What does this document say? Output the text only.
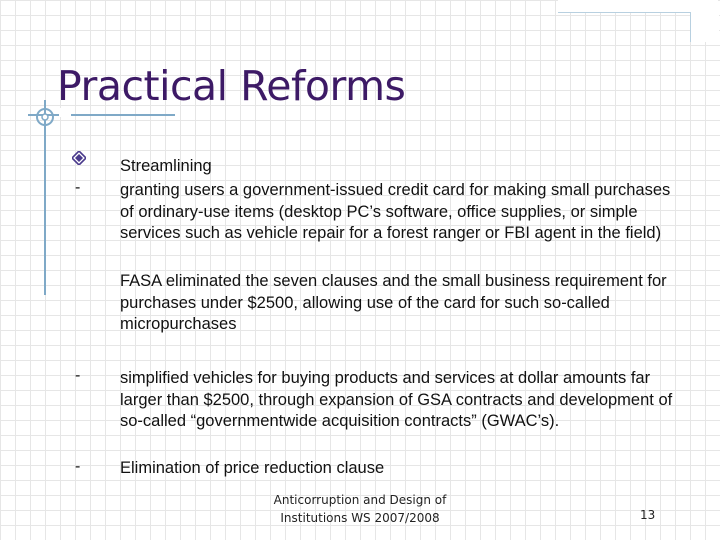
Practical Reforms
Streamlining
- granting users a government-issued credit card for making small purchases of ordinary-use items (desktop PC’s software, office supplies, or simple services such as vehicle repair for a forest ranger or FBI agent in the field)
FASA eliminated the seven clauses and the small business requirement for purchases under $2500, allowing use of the card for such so-called micropurchases
- simplified vehicles for buying products and services at dollar amounts far larger than $2500, through expansion of GSA contracts and development of so-called “governmentwide acquisition contracts” (GWAC’s).
- Elimination of price reduction clause
Anticorruption and Design of
Institutions WS 2007/2008	13
